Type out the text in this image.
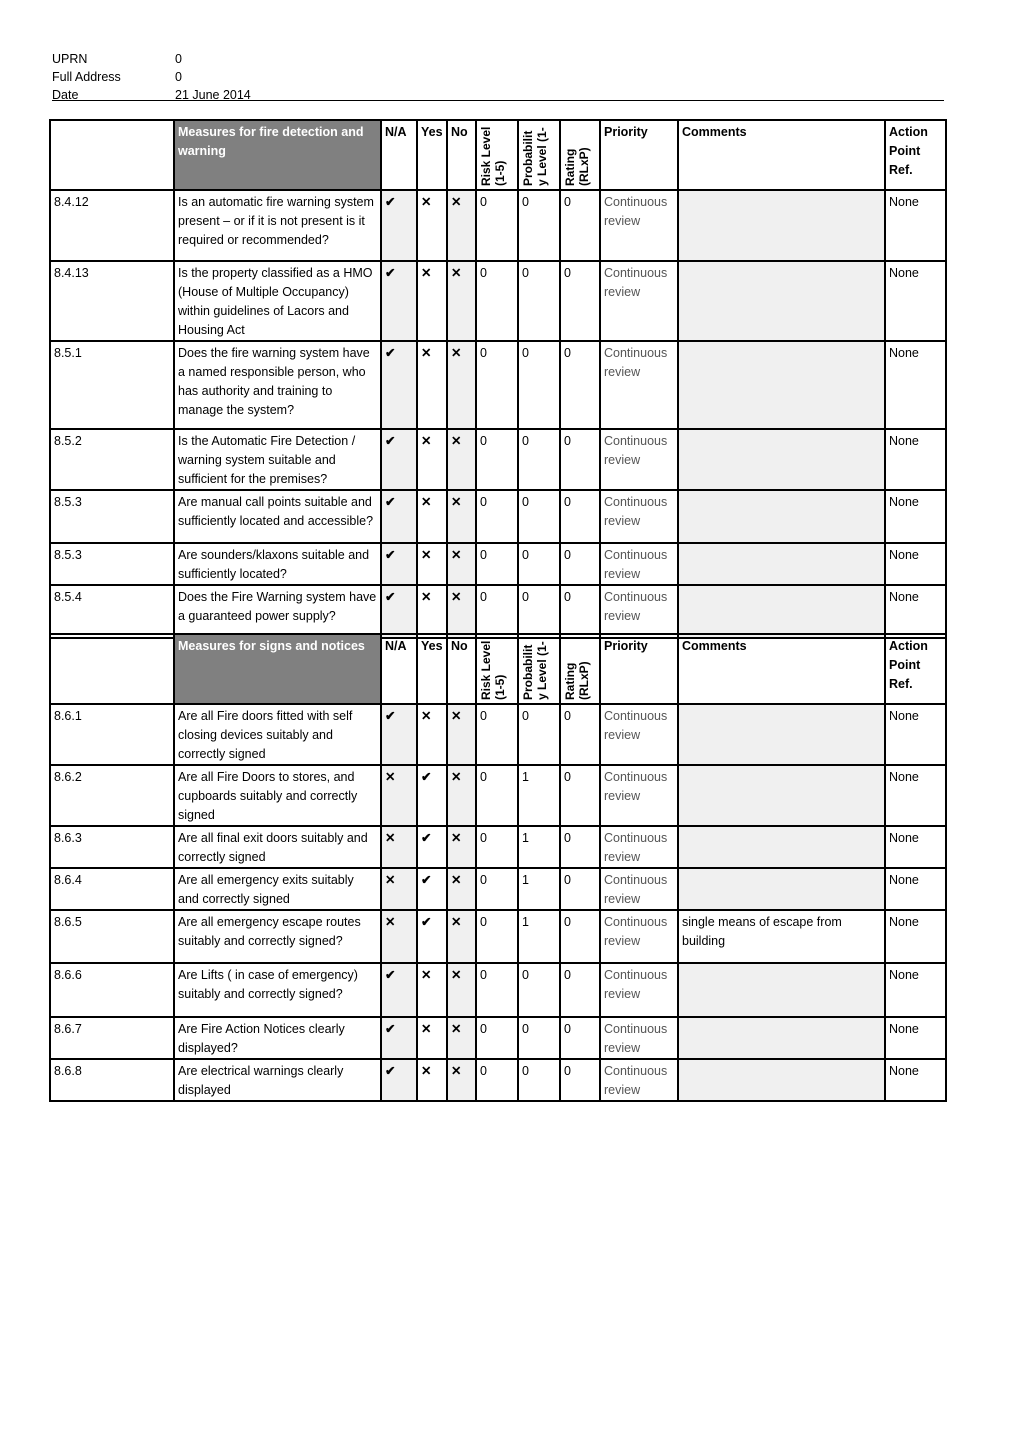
UPRN	0
Full Address	0
Date	21 June 2014
	Measures for fire detection and warning	N/A	Yes	No	Risk Level (1-5)	Probabilit y Level (1-	Rating (RLxP)	Priority	Comments	Action Point Ref.
8.4.12	Is an automatic fire warning system present – or if it is not present is it required or recommended?	✔	✕	✕	0	0	0	Continuous review		None
8.4.13	Is the property classified as a HMO (House of Multiple Occupancy) within guidelines of Lacors and Housing Act	✔	✕	✕	0	0	0	Continuous review		None
8.5.1	Does the fire warning system have a named responsible person, who has authority and training to manage the system?	✔	✕	✕	0	0	0	Continuous review		None
8.5.2	Is the Automatic Fire Detection / warning system suitable and sufficient for the premises?	✔	✕	✕	0	0	0	Continuous review		None
8.5.3	Are manual call points suitable and sufficiently located and accessible?	✔	✕	✕	0	0	0	Continuous review		None
8.5.3	Are sounders/klaxons suitable and sufficiently located?	✔	✕	✕	0	0	0	Continuous review		None
8.5.4	Does the Fire Warning system have a guaranteed power supply?	✔	✕	✕	0	0	0	Continuous review		None
	Measures for signs and notices	N/A	Yes	No	Risk Level (1-5)	Probabilit y Level (1-	Rating (RLxP)	Priority	Comments	Action Point Ref.
8.6.1	Are all Fire doors fitted with self closing devices suitably and correctly signed	✔	✕	✕	0	0	0	Continuous review		None
8.6.2	Are all Fire Doors to stores, and cupboards suitably and correctly signed	✕	✔	✕	0	1	0	Continuous review		None
8.6.3	Are all final exit doors suitably and correctly signed	✕	✔	✕	0	1	0	Continuous review		None
8.6.4	Are all emergency exits suitably and correctly signed	✕	✔	✕	0	1	0	Continuous review		None
8.6.5	Are all emergency escape routes suitably and correctly signed?	✕	✔	✕	0	1	0	Continuous review	single means of escape from building	None
8.6.6	Are Lifts ( in case of emergency) suitably and correctly signed?	✔	✕	✕	0	0	0	Continuous review		None
8.6.7	Are Fire Action Notices clearly displayed?	✔	✕	✕	0	0	0	Continuous review		None
8.6.8	Are electrical warnings clearly displayed	✔	✕	✕	0	0	0	Continuous review		None
